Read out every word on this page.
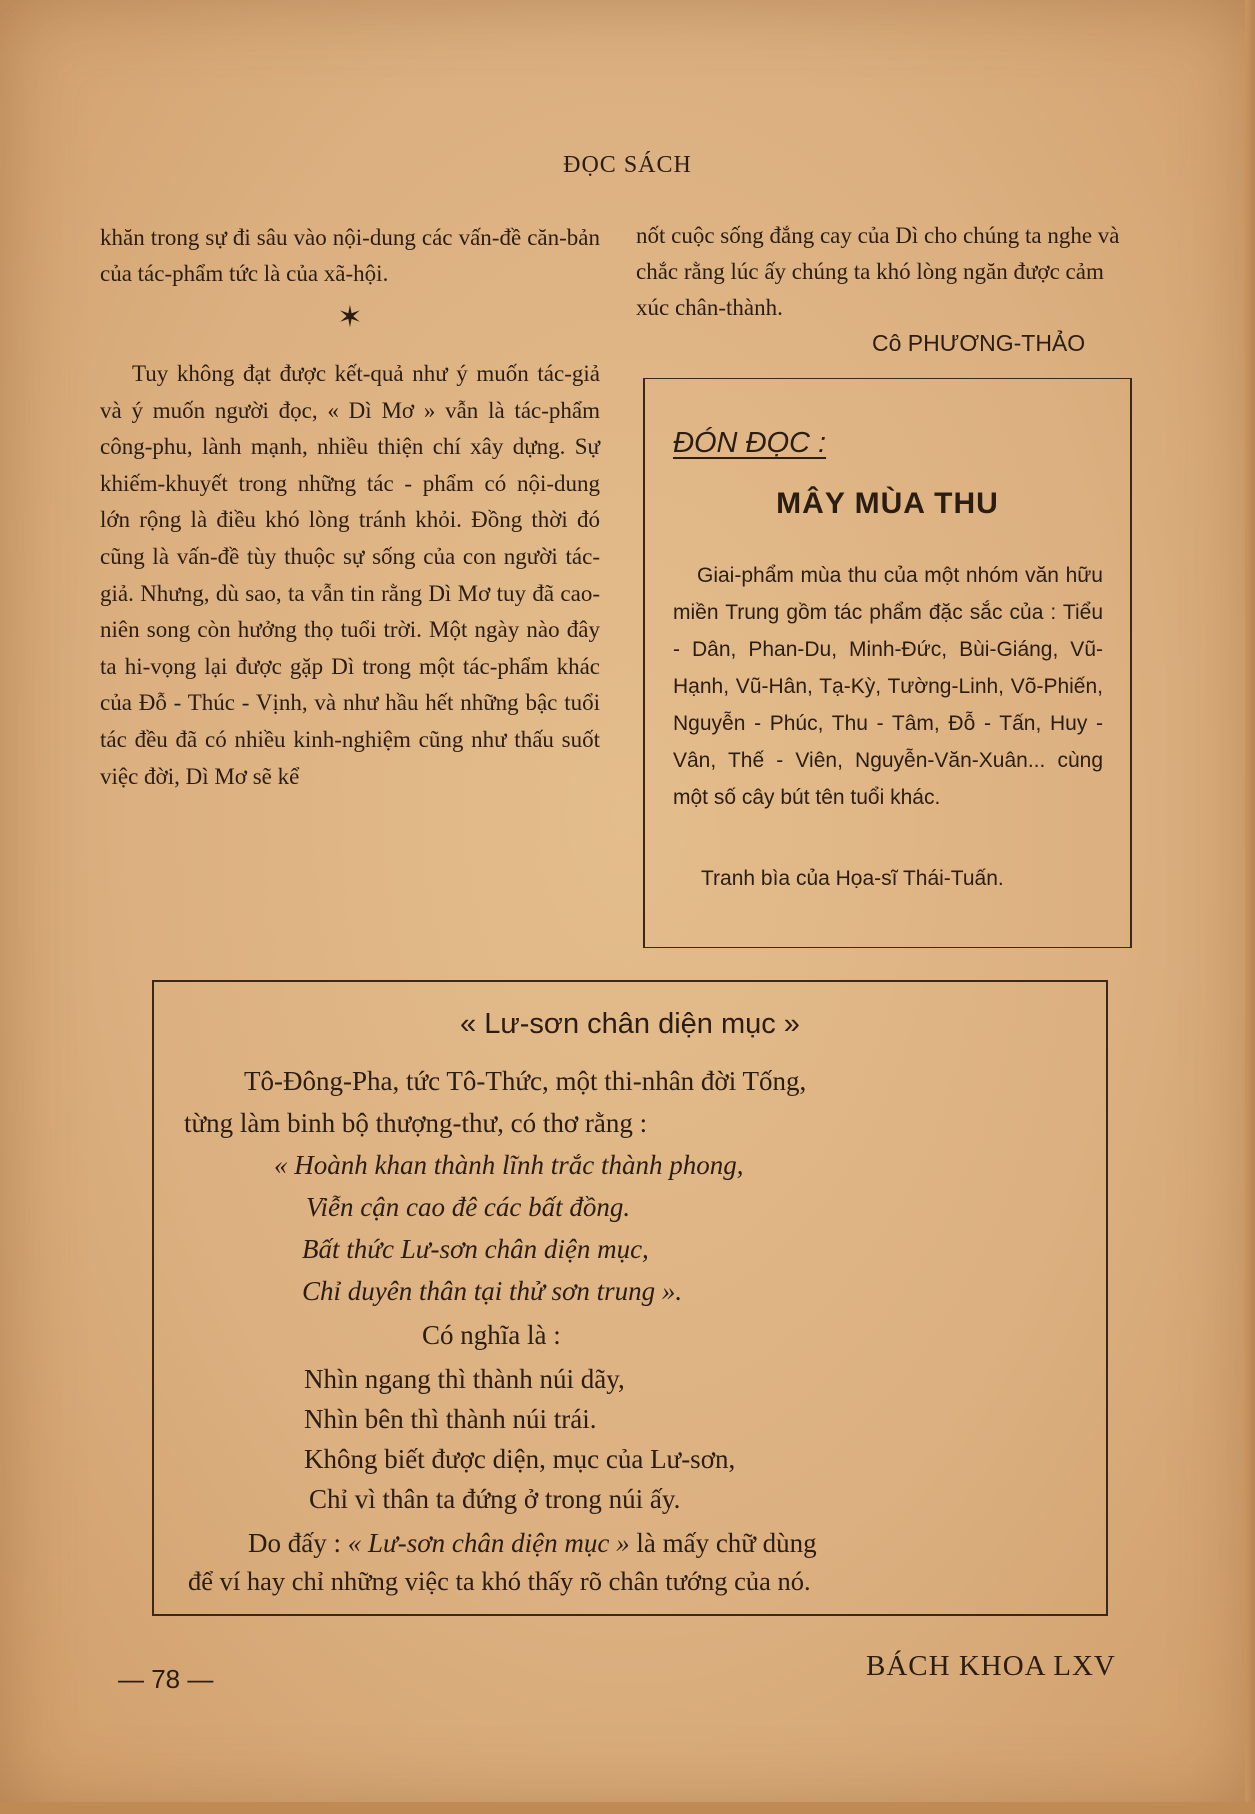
ĐỌC SÁCH

khăn trong sự đi sâu vào nội-dung các vấn-đề căn-bản của tác-phẩm tức là của xã-hội.

✶

Tuy không đạt được kết-quả như ý muốn tác-giả và ý muốn người đọc, « Dì Mơ » vẫn là tác-phẩm công-phu, lành mạnh, nhiều thiện chí xây dựng. Sự khiếm-khuyết trong những tác - phẩm có nội-dung lớn rộng là điều khó lòng tránh khỏi. Đồng thời đó cũng là vấn-đề tùy thuộc sự sống của con người tác-giả. Nhưng, dù sao, ta vẫn tin rằng Dì Mơ tuy đã cao-niên song còn hưởng thọ tuổi trời. Một ngày nào đây ta hi-vọng lại được gặp Dì trong một tác-phẩm khác của Đỗ - Thúc - Vịnh, và như hầu hết những bậc tuổi tác đều đã có nhiều kinh-nghiệm cũng như thấu suốt việc đời, Dì Mơ sẽ kể

nốt cuộc sống đắng cay của Dì cho chúng ta nghe và chắc rằng lúc ấy chúng ta khó lòng ngăn được cảm xúc chân-thành.

Cô PHƯƠNG-THẢO
ĐÓN ĐỌC :
MÂY MÙA THU
Giai-phẩm mùa thu của một nhóm văn hữu miền Trung gồm tác phẩm đặc sắc của : Tiểu - Dân, Phan-Du, Minh-Đức, Bùi-Giáng, Vũ-Hạnh, Vũ-Hân, Tạ-Kỳ, Tường-Linh, Võ-Phiến, Nguyễn - Phúc, Thu - Tâm, Đỗ - Tấn, Huy - Vân, Thế - Viên, Nguyễn-Văn-Xuân... cùng một số cây bút tên tuổi khác.
Tranh bìa của Họa-sĩ Thái-Tuấn.
« Lư-sơn chân diện mục »
Tô-Đông-Pha, tức Tô-Thức, một thi-nhân đời Tống,
từng làm binh bộ thượng-thư, có thơ rằng :
« Hoành khan thành lĩnh trắc thành phong,
Viễn cận cao đê các bất đồng.
Bất thức Lư-sơn chân diện mục,
Chỉ duyên thân tại thử sơn trung ».
Có nghĩa là :
Nhìn ngang thì thành núi dãy,
Nhìn bên thì thành núi trái.
Không biết được diện, mục của Lư-sơn,
Chỉ vì thân ta đứng ở trong núi ấy.
Do đấy : « Lư-sơn chân diện mục » là mấy chữ dùng
để ví hay chỉ những việc ta khó thấy rõ chân tướng của nó.
— 78 —	BÁCH KHOA LXV
